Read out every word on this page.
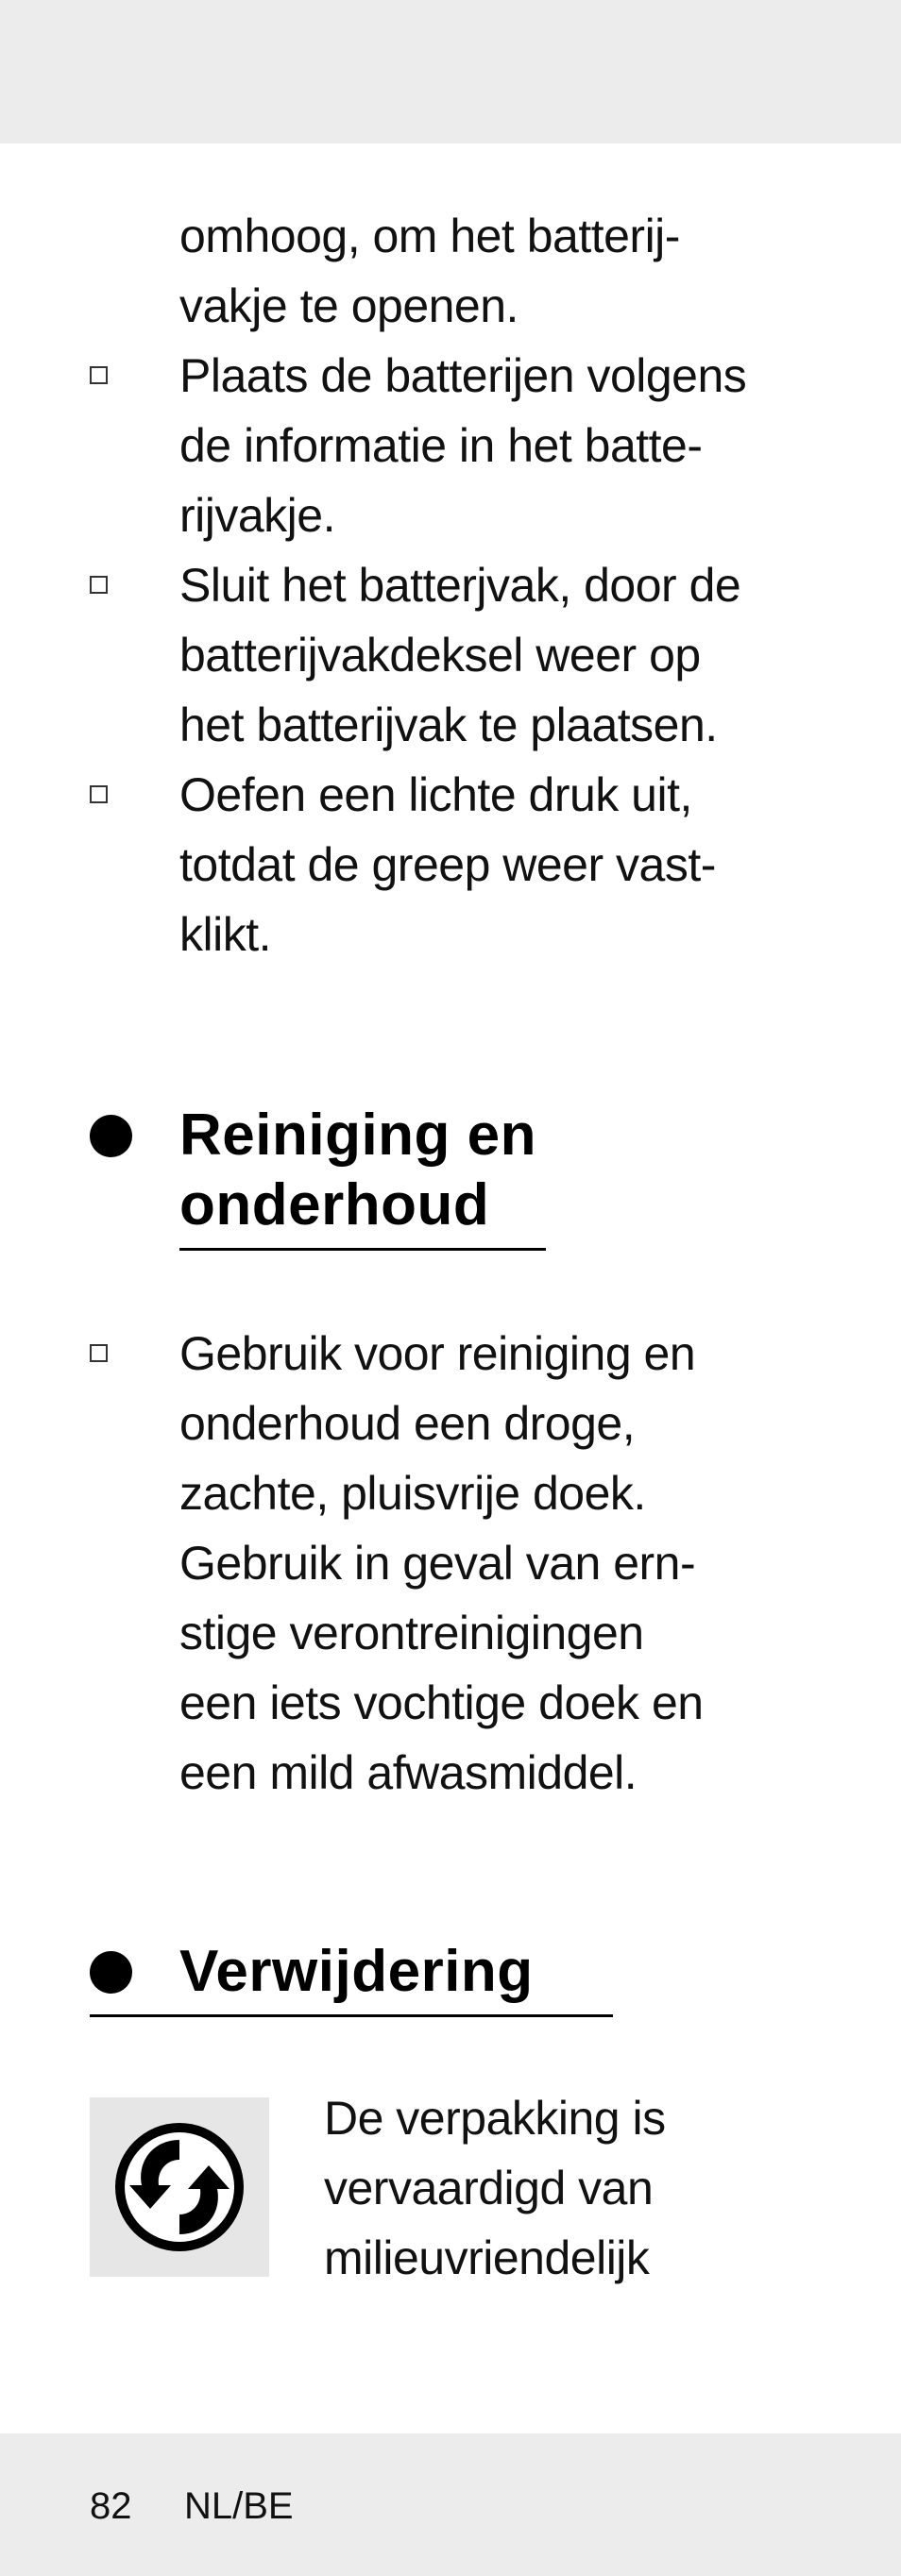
omhoog, om het batterij-
vakje te openen.
Plaats de batterijen volgens
de informatie in het batte-
rijvakje.
Sluit het batterjvak, door de
batterijvakdeksel weer op
het batterijvak te plaatsen.
Oefen een lichte druk uit,
totdat de greep weer vast-
klikt.
Reiniging en
onderhoud
Gebruik voor reiniging en
onderhoud een droge,
zachte, pluisvrije doek.
Gebruik in geval van ern-
stige verontreinigingen
een iets vochtige doek en
een mild afwasmiddel.
Verwijdering
De verpakking is
vervaardigd van
milieuvriendelijk
82 NL/BE
